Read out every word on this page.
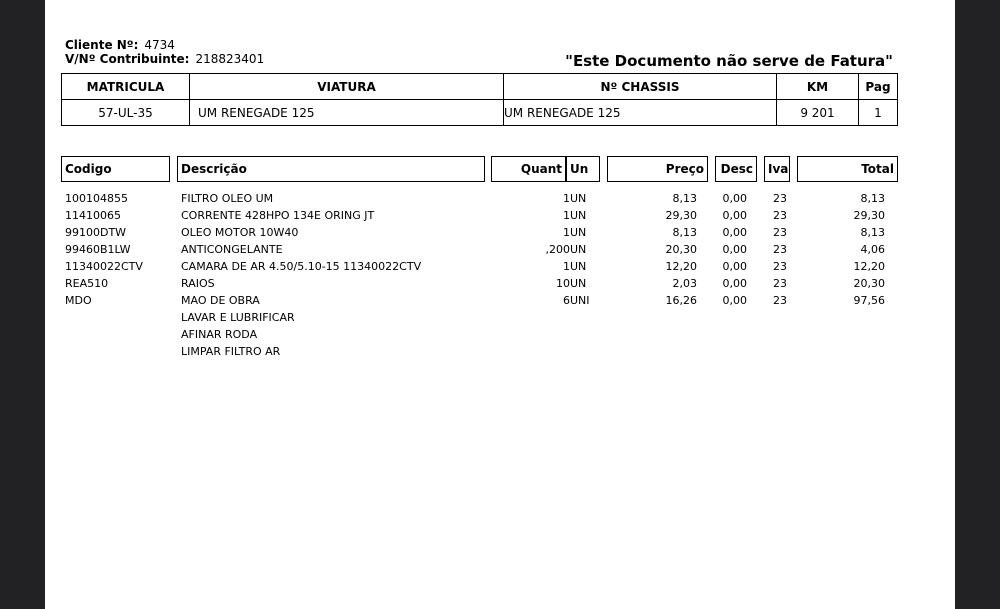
Cliente Nº: 4734
V/Nº Contribuinte: 218823401	"Este Documento não serve de Fatura"
MATRICULA	VIATURA	Nº CHASSIS	KM	Pag
57-UL-35	UM RENEGADE 125	UM RENEGADE 125	9 201	1
Codigo	Descrição	Quant Un	Preço	Desc	Iva	Total
100104855	FILTRO OLEO UM	1 UN	8,13 0,00 23	8,13
11410065	CORRENTE 428HPO 134E ORING JT	1 UN	29,30 0,00 23	29,30
99100DTW	OLEO MOTOR 10W40	1 UN	8,13 0,00 23	8,13
99460B1LW	ANTICONGELANTE	,200 UN	20,30 0,00 23	4,06
11340022CTV	CAMARA DE AR 4.50/5.10-15 11340022CTV	1 UN	12,20 0,00 23	12,20
REA510	RAIOS	10 UN	2,03 0,00 23	20,30
MDO	MAO DE OBRA	6 UNI	16,26 0,00 23	97,56
LAVAR E LUBRIFICAR
AFINAR RODA
LIMPAR FILTRO AR
